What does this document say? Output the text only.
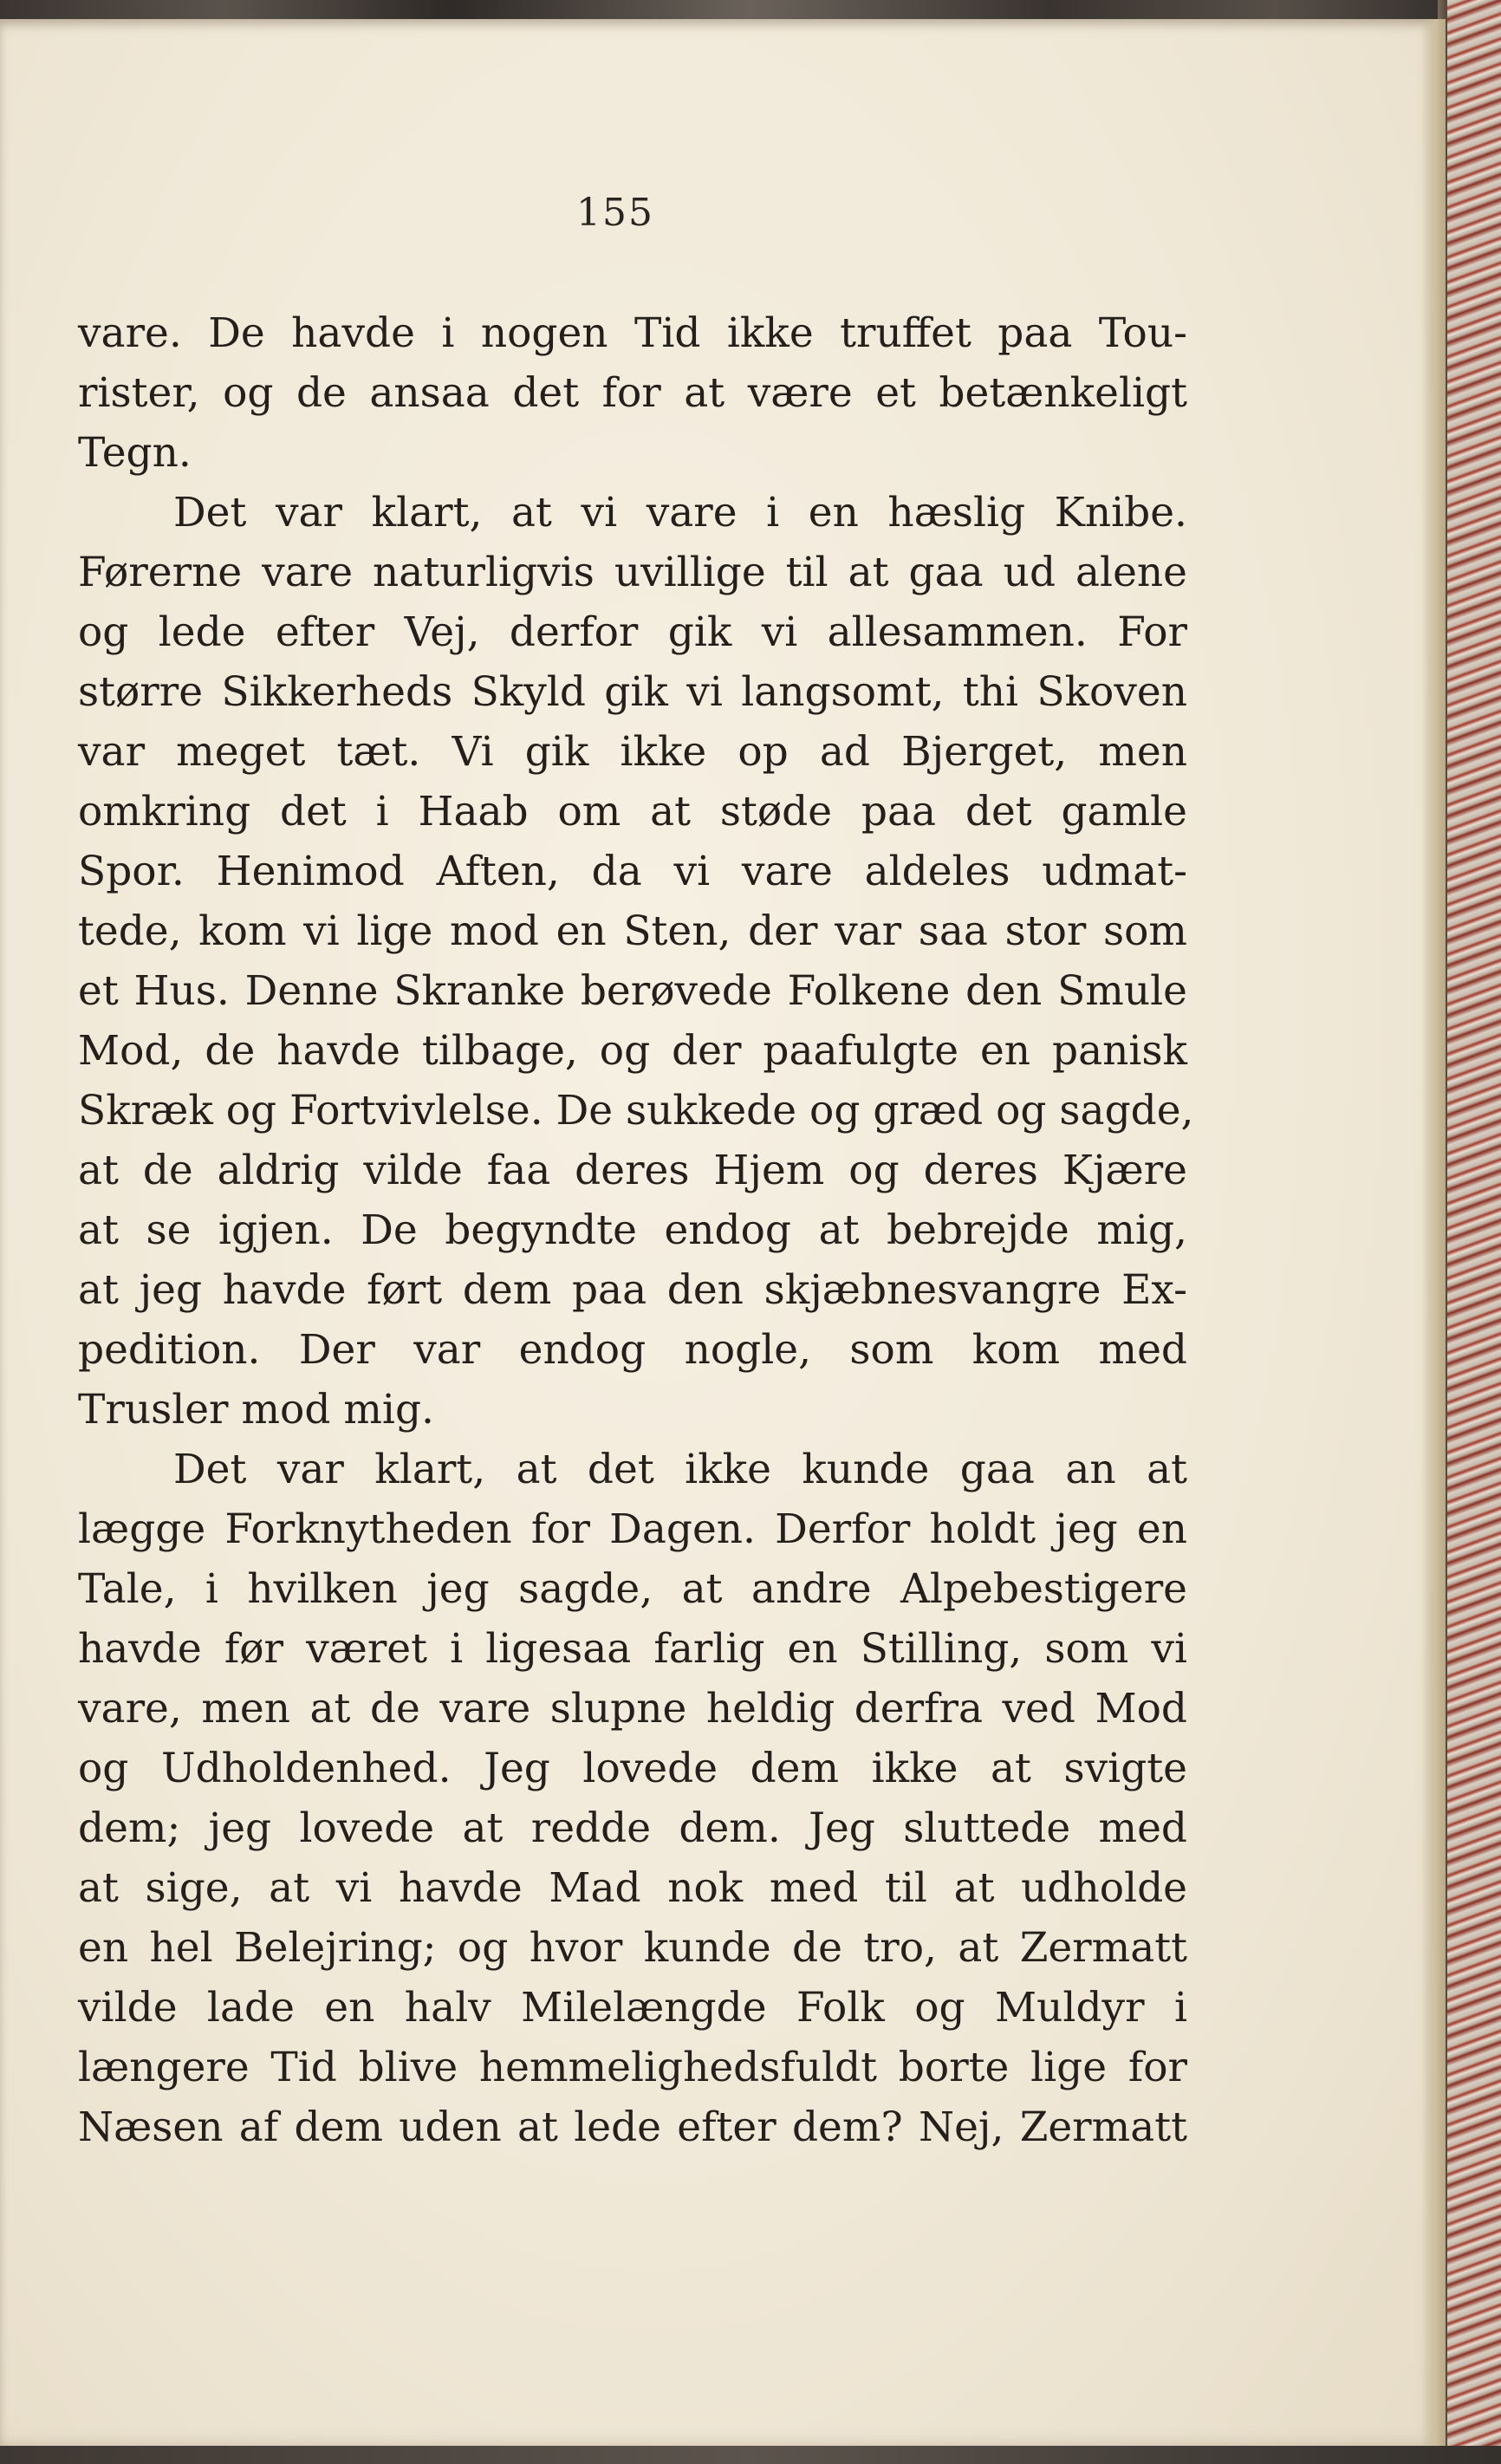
155
vare. De havde i nogen Tid ikke truffet paa Tou-
rister, og de ansaa det for at være et betænkeligt
Tegn.
Det var klart, at vi vare i en hæslig Knibe.
Førerne vare naturligvis uvillige til at gaa ud alene
og lede efter Vej, derfor gik vi allesammen. For
større Sikkerheds Skyld gik vi langsomt, thi Skoven
var meget tæt. Vi gik ikke op ad Bjerget, men
omkring det i Haab om at støde paa det gamle
Spor. Henimod Aften, da vi vare aldeles udmat-
tede, kom vi lige mod en Sten, der var saa stor som
et Hus. Denne Skranke berøvede Folkene den Smule
Mod, de havde tilbage, og der paafulgte en panisk
Skræk og Fortvivlelse. De sukkede og græd og sagde,
at de aldrig vilde faa deres Hjem og deres Kjære
at se igjen. De begyndte endog at bebrejde mig,
at jeg havde ført dem paa den skjæbnesvangre Ex-
pedition. Der var endog nogle, som kom med
Trusler mod mig.
Det var klart, at det ikke kunde gaa an at
lægge Forknytheden for Dagen. Derfor holdt jeg en
Tale, i hvilken jeg sagde, at andre Alpebestigere
havde før været i ligesaa farlig en Stilling, som vi
vare, men at de vare slupne heldig derfra ved Mod
og Udholdenhed. Jeg lovede dem ikke at svigte
dem; jeg lovede at redde dem. Jeg sluttede med
at sige, at vi havde Mad nok med til at udholde
en hel Belejring; og hvor kunde de tro, at Zermatt
vilde lade en halv Milelængde Folk og Muldyr i
længere Tid blive hemmelighedsfuldt borte lige for
Næsen af dem uden at lede efter dem? Nej, Zermatt
